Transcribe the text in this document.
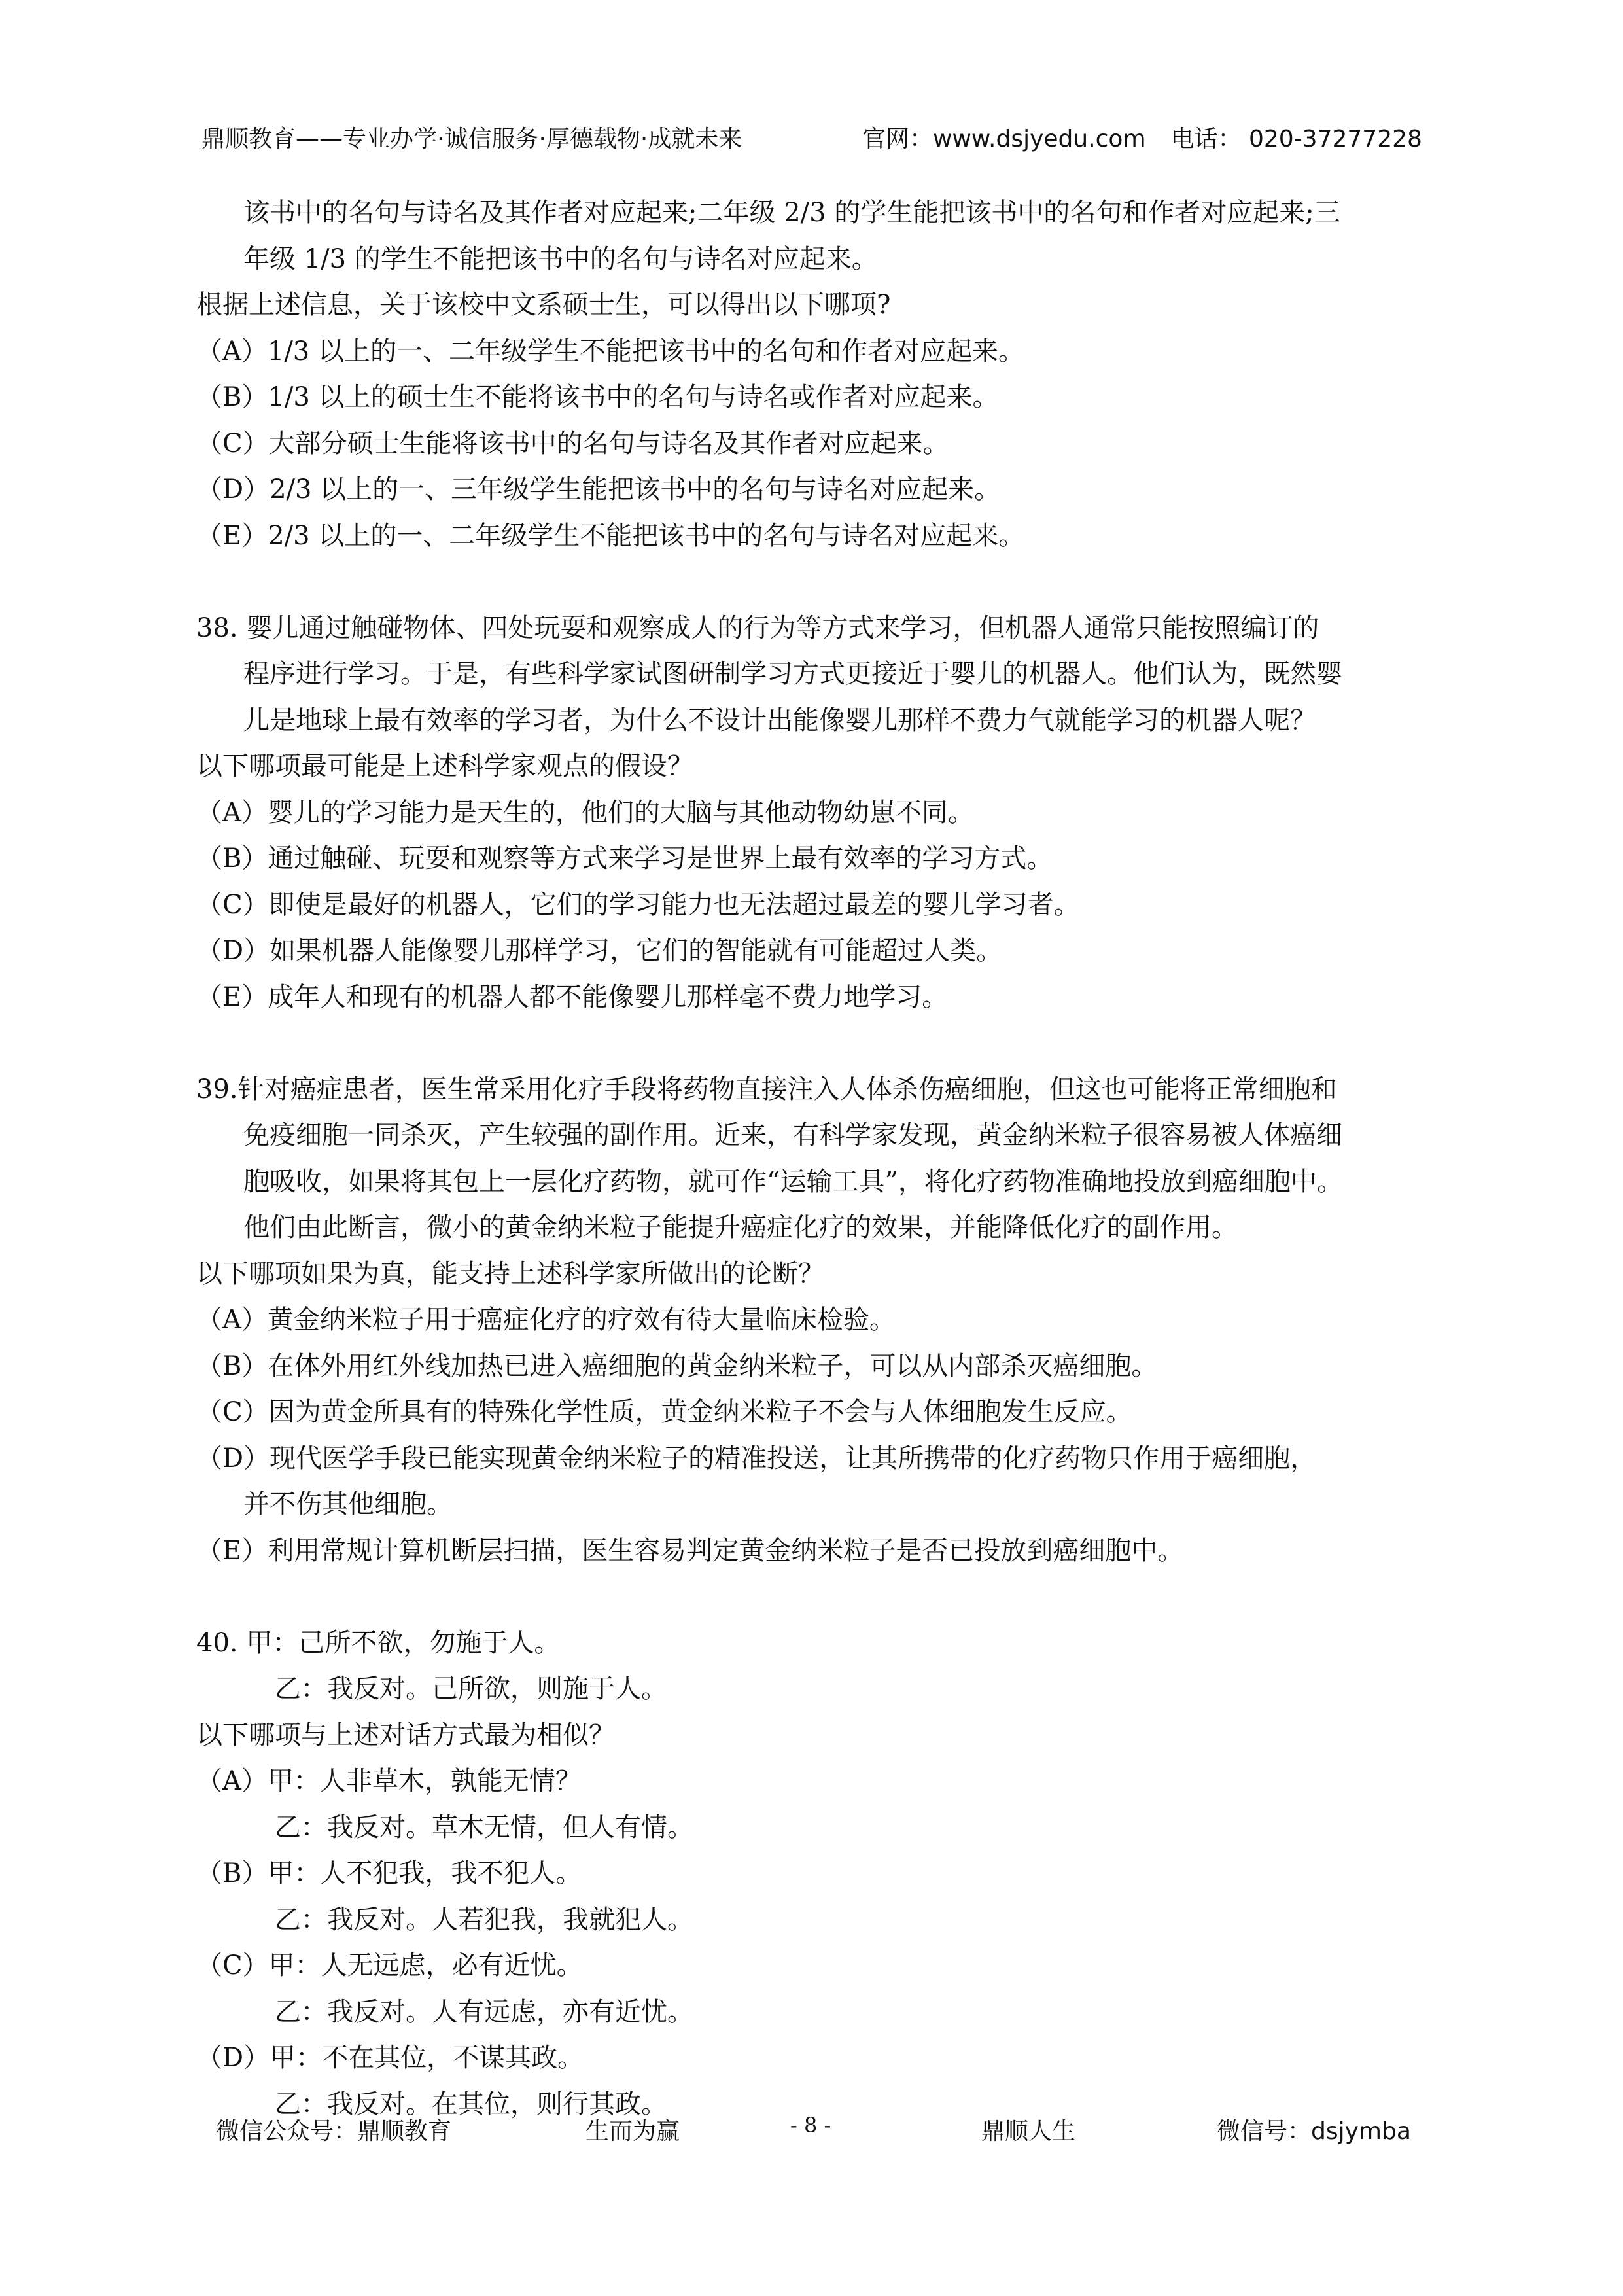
鼎顺教育——专业办学·诚信服务·厚德载物·成就未来	官网：www.dsjyedu.com 电话： 020-37277228

该书中的名句与诗名及其作者对应起来;二年级 2/3 的学生能把该书中的名句和作者对应起来;三

年级 1/3 的学生不能把该书中的名句与诗名对应起来。

根据上述信息，关于该校中文系硕士生，可以得出以下哪项?

（A）1/3 以上的一、二年级学生不能把该书中的名句和作者对应起来。

（B）1/3 以上的硕士生不能将该书中的名句与诗名或作者对应起来。

（C）大部分硕士生能将该书中的名句与诗名及其作者对应起来。

（D）2/3 以上的一、三年级学生能把该书中的名句与诗名对应起来。

（E）2/3 以上的一、二年级学生不能把该书中的名句与诗名对应起来。

38. 婴儿通过触碰物体、四处玩耍和观察成人的行为等方式来学习，但机器人通常只能按照编订的

程序进行学习。于是，有些科学家试图研制学习方式更接近于婴儿的机器人。他们认为，既然婴

儿是地球上最有效率的学习者，为什么不设计出能像婴儿那样不费力气就能学习的机器人呢？

以下哪项最可能是上述科学家观点的假设？

（A）婴儿的学习能力是天生的，他们的大脑与其他动物幼崽不同。

（B）通过触碰、玩耍和观察等方式来学习是世界上最有效率的学习方式。

（C）即使是最好的机器人，它们的学习能力也无法超过最差的婴儿学习者。

（D）如果机器人能像婴儿那样学习，它们的智能就有可能超过人类。

（E）成年人和现有的机器人都不能像婴儿那样毫不费力地学习。

39.针对癌症患者，医生常采用化疗手段将药物直接注入人体杀伤癌细胞，但这也可能将正常细胞和

免疫细胞一同杀灭，产生较强的副作用。近来，有科学家发现，黄金纳米粒子很容易被人体癌细

胞吸收，如果将其包上一层化疗药物，就可作“运输工具”，将化疗药物准确地投放到癌细胞中。

他们由此断言，微小的黄金纳米粒子能提升癌症化疗的效果，并能降低化疗的副作用。

以下哪项如果为真，能支持上述科学家所做出的论断？

（A）黄金纳米粒子用于癌症化疗的疗效有待大量临床检验。

（B）在体外用红外线加热已进入癌细胞的黄金纳米粒子，可以从内部杀灭癌细胞。

（C）因为黄金所具有的特殊化学性质，黄金纳米粒子不会与人体细胞发生反应。

（D）现代医学手段已能实现黄金纳米粒子的精准投送，让其所携带的化疗药物只作用于癌细胞，

并不伤其他细胞。

（E）利用常规计算机断层扫描，医生容易判定黄金纳米粒子是否已投放到癌细胞中。

40. 甲：己所不欲，勿施于人。

乙：我反对。己所欲，则施于人。

以下哪项与上述对话方式最为相似？

（A）甲：人非草木，孰能无情？

乙：我反对。草木无情，但人有情。

（B）甲：人不犯我，我不犯人。

乙：我反对。人若犯我，我就犯人。

（C）甲：人无远虑，必有近忧。

乙：我反对。人有远虑，亦有近忧。

（D）甲：不在其位，不谋其政。

乙：我反对。在其位，则行其政。

微信公众号：鼎顺教育	生而为赢	- 8 -	鼎顺人生	微信号：dsjymba
